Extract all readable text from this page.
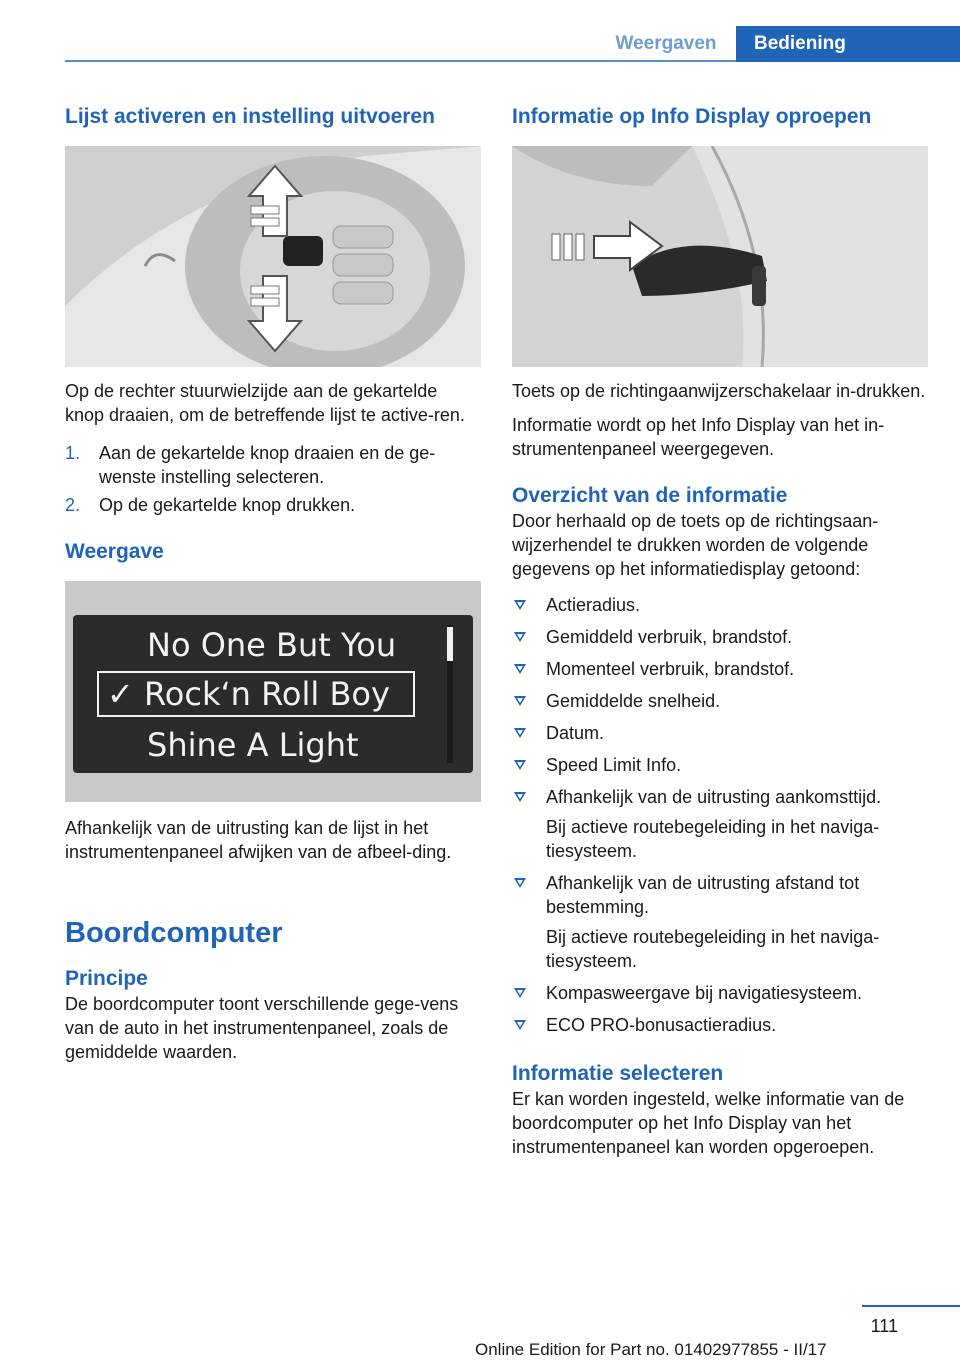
Weergaven	Bediening
Lijst activeren en instelling uitvoeren

Op de rechter stuurwielzijde aan de gekartelde knop draaien, om de betreffende lijst te active-ren.

1. Aan de gekartelde knop draaien en de ge-wenste instelling selecteren.
2. Op de gekartelde knop drukken.
Weergave
No One But You
✓ Rock‘n Roll Boy
Shine A Light

Afhankelijk van de uitrusting kan de lijst in het instrumentenpaneel afwijken van de afbeel-ding.

Boordcomputer
Principe

De boordcomputer toont verschillende gege-vens van de auto in het instrumentenpaneel, zoals de gemiddelde waarden.

Informatie op Info Display oproepen

Toets op de richtingaanwijzerschakelaar in-drukken.

Informatie wordt op het Info Display van het in-strumentenpaneel weergegeven.

Overzicht van de informatie

Door herhaald op de toets op de richtingsaan-wijzerhendel te drukken worden de volgende gegevens op het informatiedisplay getoond:

Actieradius.
Gemiddeld verbruik, brandstof.
Momenteel verbruik, brandstof.
Gemiddelde snelheid.
Datum.
Speed Limit Info.
Afhankelijk van de uitrusting aankomsttijd.
Bij actieve routebegeleiding in het naviga-tiesysteem.
Afhankelijk van de uitrusting afstand tot bestemming.
Bij actieve routebegeleiding in het naviga-tiesysteem.
Kompasweergave bij navigatiesysteem.
ECO PRO-bonusactieradius.
Informatie selecteren

Er kan worden ingesteld, welke informatie van de boordcomputer op het Info Display van het instrumentenpaneel kan worden opgeroepen.

111
Online Edition for Part no. 01402977855 - II/17
